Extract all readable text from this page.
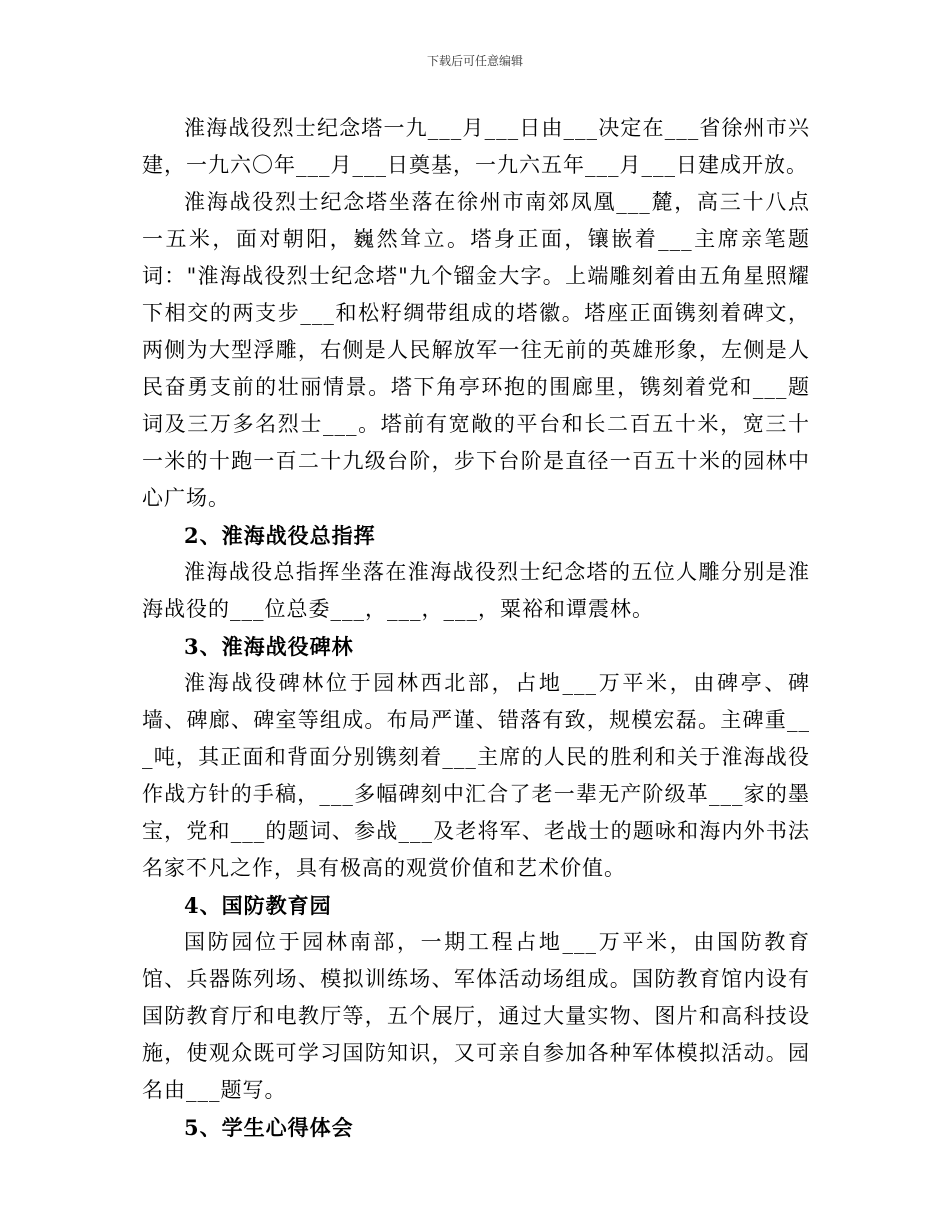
下载后可任意编辑

淮海战役烈士纪念塔一九___月___日由___决定在___省徐州市兴建，一九六〇年___月___日奠基，一九六五年___月___日建成开放。

淮海战役烈士纪念塔坐落在徐州市南郊凤凰___麓，高三十八点一五米，面对朝阳，巍然耸立。塔身正面，镶嵌着___主席亲笔题词："淮海战役烈士纪念塔"九个镏金大字。上端雕刻着由五角星照耀下相交的两支步___和松籽绸带组成的塔徽。塔座正面镌刻着碑文，两侧为大型浮雕，右侧是人民解放军一往无前的英雄形象，左侧是人民奋勇支前的壮丽情景。塔下角亭环抱的围廊里，镌刻着党和___题词及三万多名烈士___。塔前有宽敞的平台和长二百五十米，宽三十一米的十跑一百二十九级台阶，步下台阶是直径一百五十米的园林中心广场。

2、淮海战役总指挥

淮海战役总指挥坐落在淮海战役烈士纪念塔的五位人雕分别是淮海战役的___位总委___，___，___，粟裕和谭震林。

3、淮海战役碑林

淮海战役碑林位于园林西北部，占地___万平米，由碑亭、碑墙、碑廊、碑室等组成。布局严谨、错落有致，规模宏磊。主碑重___吨，其正面和背面分别镌刻着___主席的人民的胜利和关于淮海战役作战方针的手稿，___多幅碑刻中汇合了老一辈无产阶级革___家的墨宝，党和___的题词、参战___及老将军、老战士的题咏和海内外书法名家不凡之作，具有极高的观赏价值和艺术价值。

4、国防教育园

国防园位于园林南部，一期工程占地___万平米，由国防教育馆、兵器陈列场、模拟训练场、军体活动场组成。国防教育馆内设有国防教育厅和电教厅等，五个展厅，通过大量实物、图片和高科技设施，使观众既可学习国防知识，又可亲自参加各种军体模拟活动。园名由___题写。

5、学生心得体会
